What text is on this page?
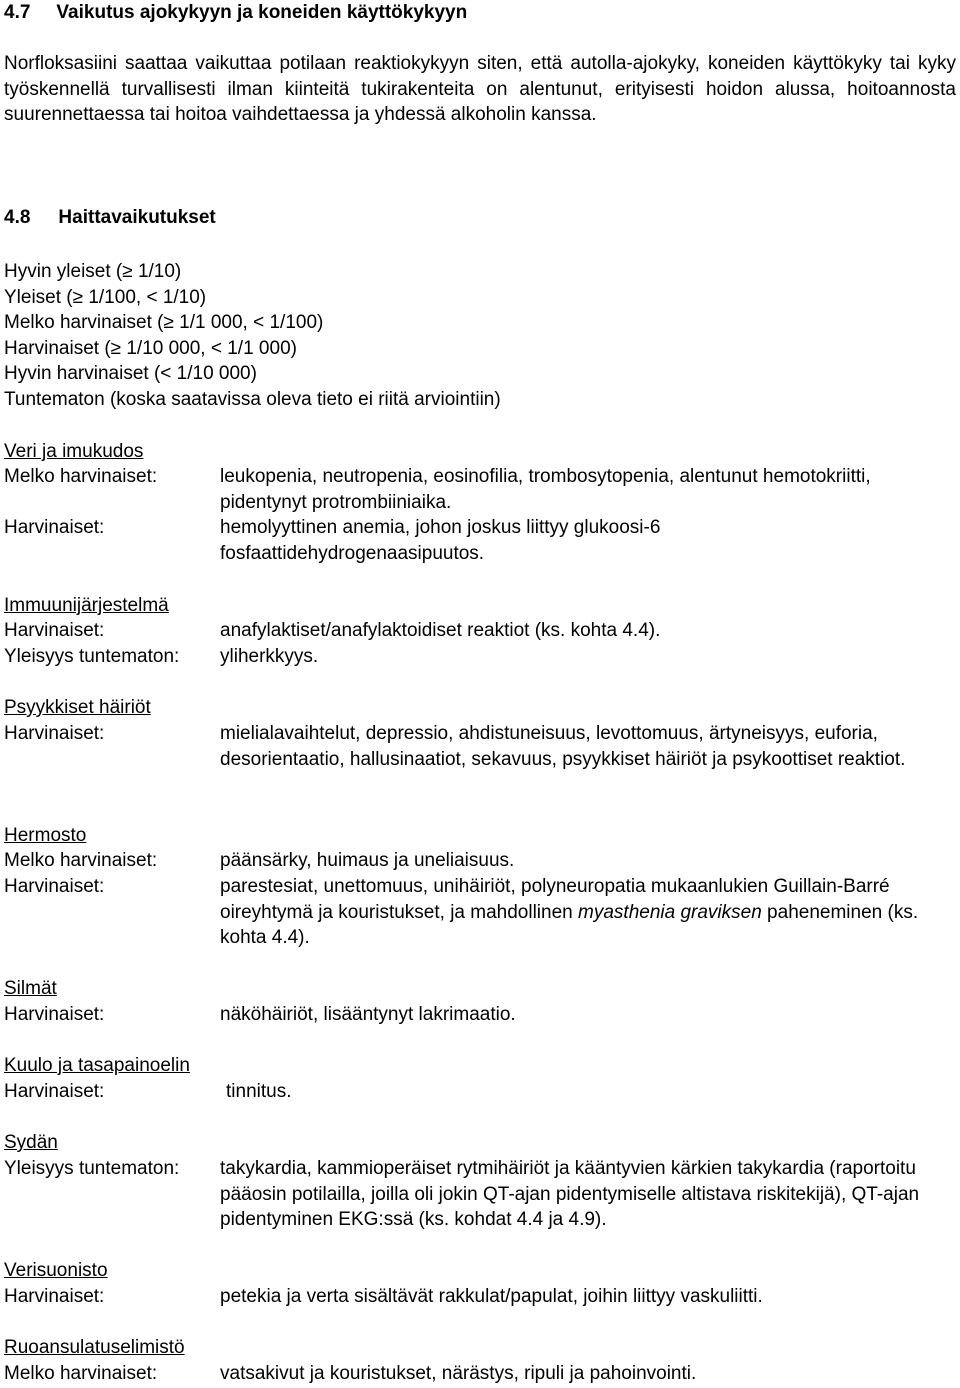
4.7 Vaikutus ajokykyyn ja koneiden käyttökykyyn
Norfloksasiini saattaa vaikuttaa potilaan reaktiokykyyn siten, että autolla-ajokyky, koneiden käyttökyky tai kyky työskennellä turvallisesti ilman kiinteitä tukirakenteita on alentunut, erityisesti hoidon alussa, hoitoannosta suurennettaessa tai hoitoa vaihdettaessa ja yhdessä alkoholin kanssa.
4.8 Haittavaikutukset
Hyvin yleiset (≥ 1/10)
Yleiset (≥ 1/100, < 1/10)
Melko harvinaiset (≥ 1/1 000, < 1/100)
Harvinaiset (≥ 1/10 000, < 1/1 000)
Hyvin harvinaiset (< 1/10 000)
Tuntematon (koska saatavissa oleva tieto ei riitä arviointiin)
Veri ja imukudos
Melko harvinaiset:	leukopenia, neutropenia, eosinofilia, trombosytopenia, alentunut hemotokriitti, pidentynyt protrombiiniaika.
Harvinaiset:	hemolyyttinen anemia, johon joskus liittyy glukoosi-6 fosfaattidehydrogenaasipuutos.
Immuunijärjestelmä
Harvinaiset:	anafylaktiset/anafylaktoidiset reaktiot (ks. kohta 4.4).
Yleisyys tuntematon: yliherkkyys.
Psyykkiset häiriöt
Harvinaiset:	mielialavaihtelut, depressio, ahdistuneisuus, levottomuus, ärtyneisyys, euforia, desorientaatio, hallusinaatiot, sekavuus, psyykkiset häiriöt ja psykoottiset reaktiot.
Hermosto
Melko harvinaiset:	päänsärky, huimaus ja uneliaisuus.
Harvinaiset:	parestesiat, unettomuus, unihäiriöt, polyneuropatia mukaanlukien Guillain-Barré oireyhtymä ja kouristukset, ja mahdollinen myasthenia graviksen paheneminen (ks. kohta 4.4).
Silmät
Harvinaiset:	näköhäiriöt, lisääntynyt lakrimaatio.
Kuulo ja tasapainoelin
Harvinaiset:	tinnitus.
Sydän
Yleisyys tuntematon: takykardia, kammioperäiset rytmihäiriöt ja kääntyvien kärkien takykardia (raportoitu pääosin potilailla, joilla oli jokin QT-ajan pidentymiselle altistava riskitekijä), QT-ajan pidentyminen EKG:ssä (ks. kohdat 4.4 ja 4.9).
Verisuonisto
Harvinaiset:	petekia ja verta sisältävät rakkulat/papulat, joihin liittyy vaskuliitti.
Ruoansulatuselimistö
Melko harvinaiset:	vatsakivut ja kouristukset, närästys, ripuli ja pahoinvointi.
